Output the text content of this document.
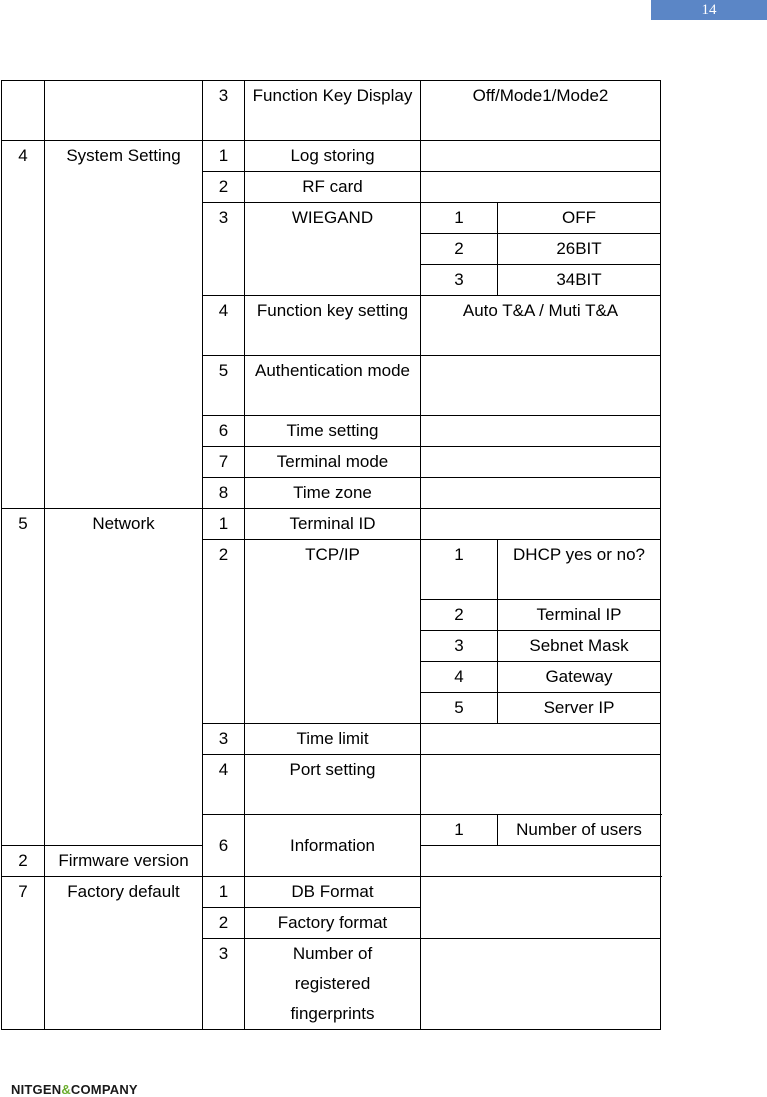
14
		3	Function Key Display	Off/Mode1/Mode2		
4	System Setting	1	Log storing			
		2	RF card			
		3	WIEGAND	1	OFF	
				2	26BIT	
				3	34BIT	
		4	Function key setting	Auto T&A / Muti T&A		
		5	Authentication mode			
		6	Time setting			
		7	Terminal mode			
		8	Time zone			
5	Network	1	Terminal ID			
		2	TCP/IP	1	DHCP yes or no?	
				2	Terminal IP	
				3	Sebnet Mask	
				4	Gateway	
				5	Server IP	
		3	Time limit			
		4	Port setting			
		6	Information	1	Number of users	
2	Firmware version					
7	Factory default	1	DB Format			
		2	Factory format			
		3	Number of registered fingerprints			
NITGEN&COMPANY
